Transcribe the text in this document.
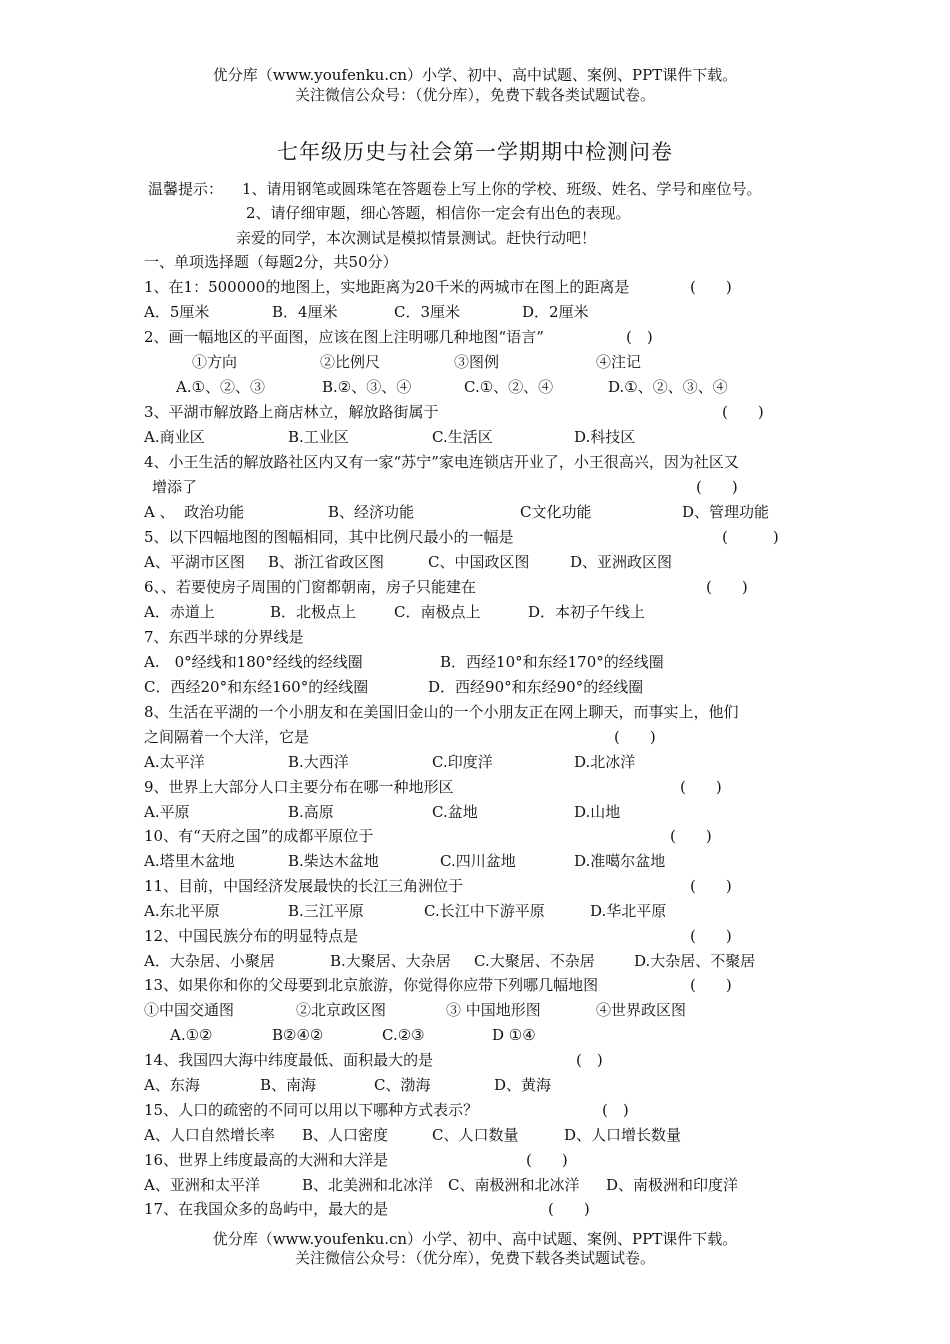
优分库（www.youfenku.cn）小学、初中、高中试题、案例、PPT课件下载。
关注微信公众号：（优分库），免费下载各类试题试卷。
七年级历史与社会第一学期期中检测问卷
温馨提示： 1、请用钢笔或圆珠笔在答题卷上写上你的学校、班级、姓名、学号和座位号。
2、请仔细审题，细心答题，相信你一定会有出色的表现。
亲爱的同学，本次测试是模拟情景测试。赶快行动吧！
一、单项选择题（每题2分，共50分）
1、在1：500000的地图上，实地距离为20千米的两城市在图上的距离是	(　　)
A．5厘米	B．4厘米	C．3厘米	D．2厘米
2、画一幅地区的平面图，应该在图上注明哪几种地图“语言”	(　)
①方向	②比例尺	③图例	④注记
A.①、②、③	B.②、③、④	C.①、②、④	D.①、②、③、④
3、平湖市解放路上商店林立，解放路街属于	(　　)
A.商业区	B.工业区	C.生活区	D.科技区
4、小王生活的解放路社区内又有一家“苏宁”家电连锁店开业了，小王很高兴，因为社区又
增添了	(　　)
A 、  政治功能	B、经济功能	C文化功能	D、管理功能
5、以下四幅地图的图幅相同，其中比例尺最小的一幅是	(　　　)
A、平湖市区图 B、浙江省政区图	C、中国政区图	D、亚洲政区图
6、、若要使房子周围的门窗都朝南，房子只能建在	(　　)
A．赤道上	B．北极点上	C．南极点上	D．本初子午线上
7、东西半球的分界线是
A.　0°经线和180°经线的经线圈	B．西经10°和东经170°的经线圈
C．西经20°和东经160°的经线圈	D．西经90°和东经90°的经线圈
8、生活在平湖的一个小朋友和在美国旧金山的一个小朋友正在网上聊天，而事实上，他们
之间隔着一个大洋，它是	(　　)
A.太平洋	B.大西洋	C.印度洋	D.北冰洋
9、世界上大部分人口主要分布在哪一种地形区	(　　)
A.平原	B.高原	C.盆地	D.山地
10、有“天府之国”的成都平原位于	(　　)
A.塔里木盆地	B.柴达木盆地	C.四川盆地	D.准噶尔盆地
11、目前，中国经济发展最快的长江三角洲位于	(　　)
A.东北平原	B.三江平原	C.长江中下游平原	D.华北平原
12、中国民族分布的明显特点是	(　　)
A．大杂居、小聚居	B.大聚居、大杂居 C.大聚居、不杂居	D.大杂居、不聚居
13、如果你和你的父母要到北京旅游，你觉得你应带下列哪几幅地图	(　　)
①中国交通图	②北京政区图	③ 中国地形图	④世界政区图
A.①②	B②④②	C.②③	D ①④
14、我国四大海中纬度最低、面积最大的是	(　)
A、东海	B、南海	C、渤海	D、黄海
15、人口的疏密的不同可以用以下哪种方式表示？	(　)
A、人口自然增长率 B、人口密度	C、人口数量	D、人口增长数量
16、世界上纬度最高的大洲和大洋是	(　　)
A、亚洲和太平洋	B、北美洲和北冰洋 C、南极洲和北冰洋 D、南极洲和印度洋
17、在我国众多的岛屿中，最大的是	(　　)
优分库（www.youfenku.cn）小学、初中、高中试题、案例、PPT课件下载。
关注微信公众号：（优分库），免费下载各类试题试卷。
